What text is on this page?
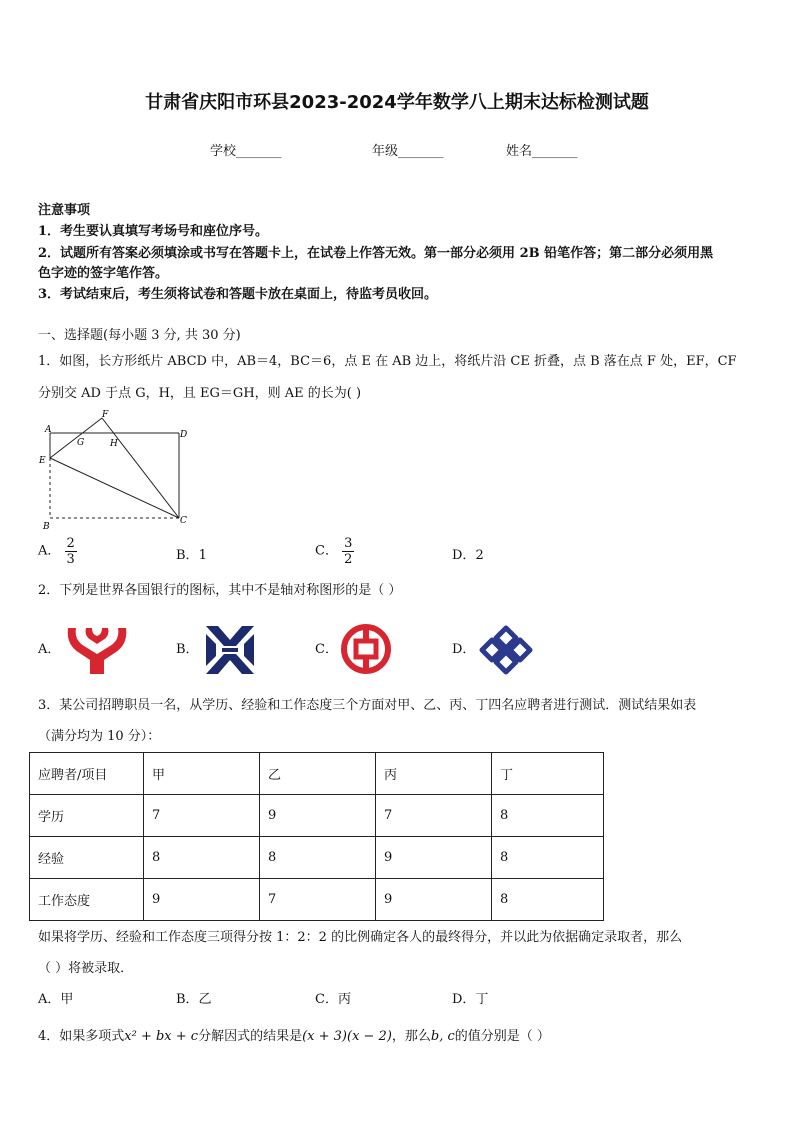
甘肃省庆阳市环县2023-2024学年数学八上期末达标检测试题
学校_______	年级_______	姓名_______
注意事项
1．考生要认真填写考场号和座位序号。
2．试题所有答案必须填涂或书写在答题卡上，在试卷上作答无效。第一部分必须用 2B 铅笔作答；第二部分必须用黑
色字迹的签字笔作答。
3．考试结束后，考生须将试卷和答题卡放在桌面上，待监考员收回。
一、选择题(每小题 3 分, 共 30 分)
1．如图，长方形纸片 ABCD 中，AB＝4，BC＝6，点 E 在 AB 边上，将纸片沿 CE 折叠，点 B 落在点 F 处，EF，CF
分别交 AD 于点 G，H，且 EG＝GH，则 AE 的长为( )
A
B
C
D
E
F
G	H
A． $\frac{2}{3}$	B．1	C． $\frac{3}{2}$	D．2
2．下列是世界各国银行的图标，其中不是轴对称图形的是（ ）
A．	B．	C．	D．
3．某公司招聘职员一名，从学历、经验和工作态度三个方面对甲、乙、丙、丁四名应聘者进行测试．测试结果如表
（满分均为 10 分）：
应聘者/项目	甲	乙	丙	丁
学历	7	9	7	8
经验	8	8	9	8
工作态度	9	7	9	8
如果将学历、经验和工作态度三项得分按 1：2：2 的比例确定各人的最终得分，并以此为依据确定录取者，那么
（ ）将被录取．
A．甲	B．乙	C．丙	D．丁
4．如果多项式x² + bx + c分解因式的结果是(x + 3)(x − 2)，那么b, c的值分别是（ ）
